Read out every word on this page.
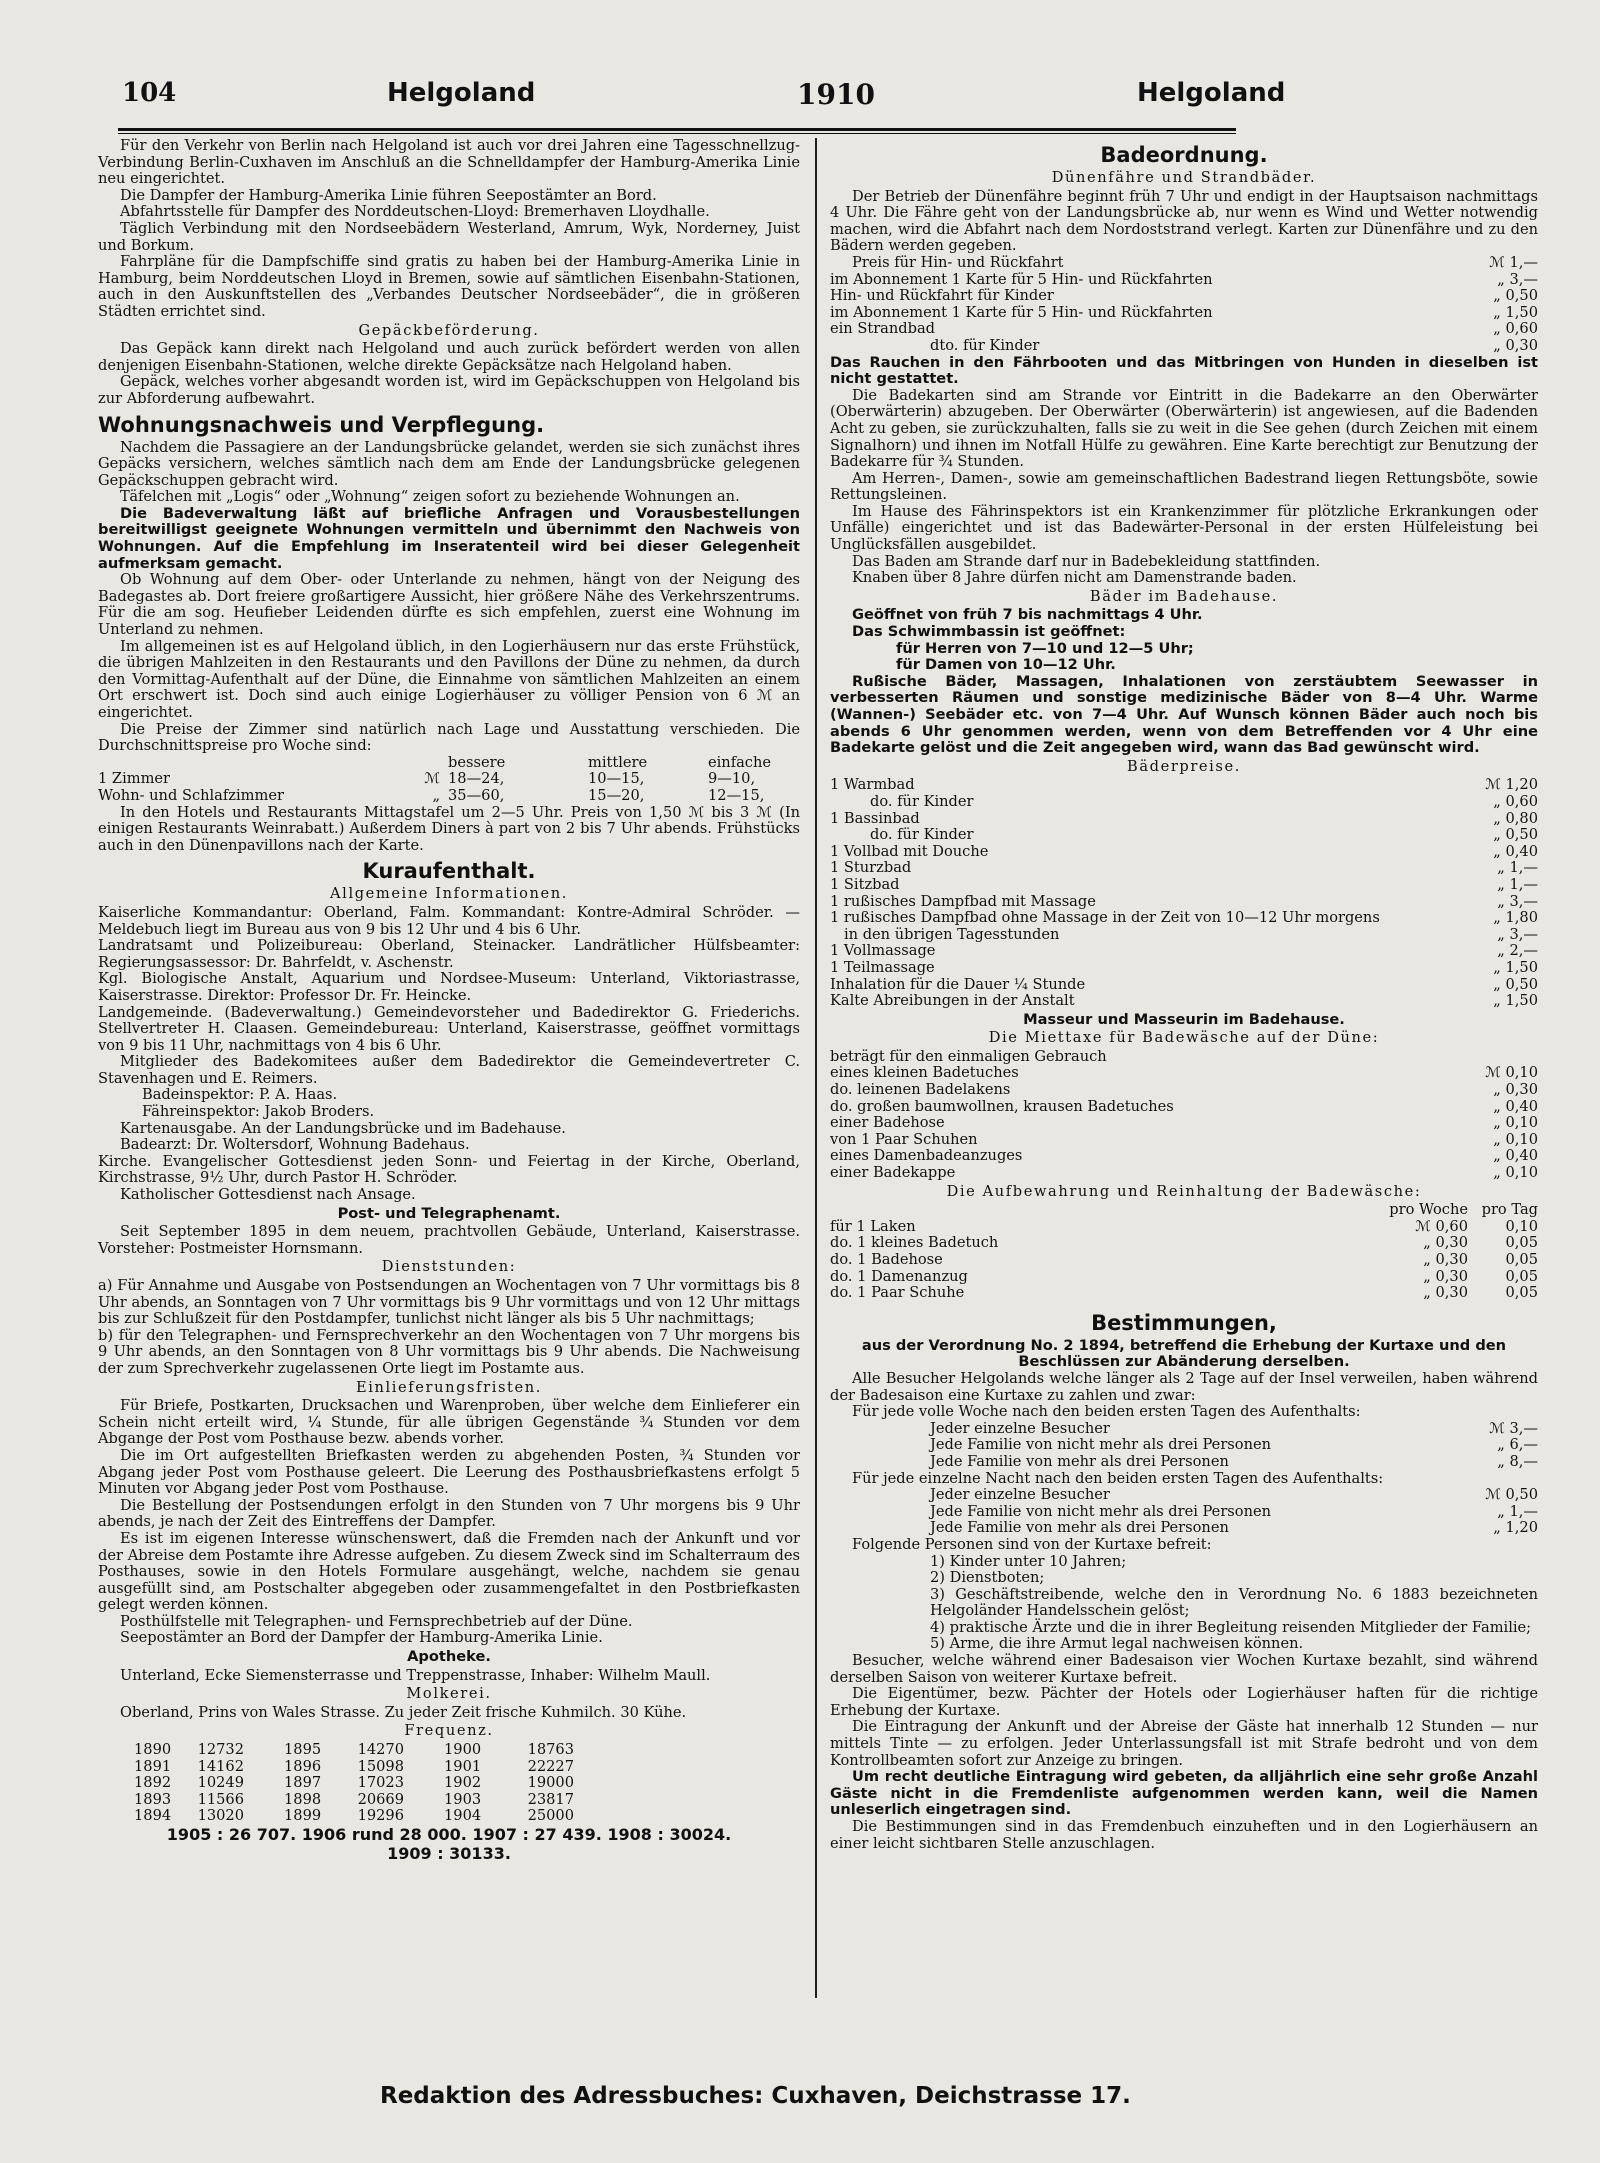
104	Helgoland	1910	Helgoland

Für den Verkehr von Berlin nach Helgoland ist auch vor drei Jahren eine Tagesschnellzug-Verbindung Berlin-Cuxhaven im Anschluß an die Schnelldampfer der Hamburg-Amerika Linie neu eingerichtet.

Die Dampfer der Hamburg-Amerika Linie führen Seepostämter an Bord.

Abfahrtsstelle für Dampfer des Norddeutschen-Lloyd: Bremerhaven Lloydhalle.

Täglich Verbindung mit den Nordseebädern Westerland, Amrum, Wyk, Norderney, Juist und Borkum.

Fahrpläne für die Dampfschiffe sind gratis zu haben bei der Hamburg-Amerika Linie in Hamburg, beim Norddeutschen Lloyd in Bremen, sowie auf sämtlichen Eisenbahn-Stationen, auch in den Auskunftstellen des „Verbandes Deutscher Nordseebäder“, die in größeren Städten errichtet sind.

Gepäckbeförderung.

Das Gepäck kann direkt nach Helgoland und auch zurück befördert werden von allen denjenigen Eisenbahn-Stationen, welche direkte Gepäcksätze nach Helgoland haben.

Gepäck, welches vorher abgesandt worden ist, wird im Gepäckschuppen von Helgoland bis zur Abforderung aufbewahrt.

Wohnungsnachweis und Verpflegung.

Nachdem die Passagiere an der Landungsbrücke gelandet, werden sie sich zunächst ihres Gepäcks versichern, welches sämtlich nach dem am Ende der Landungsbrücke gelegenen Gepäckschuppen gebracht wird.

Täfelchen mit „Logis“ oder „Wohnung“ zeigen sofort zu beziehende Wohnungen an.

Die Badeverwaltung läßt auf briefliche Anfragen und Vorausbestellungen bereitwilligst geeignete Wohnungen vermitteln und übernimmt den Nachweis von Wohnungen. Auf die Empfehlung im Inseratenteil wird bei dieser Gelegenheit aufmerksam gemacht.

Ob Wohnung auf dem Ober- oder Unterlande zu nehmen, hängt von der Neigung des Badegastes ab. Dort freiere großartigere Aussicht, hier größere Nähe des Verkehrszentrums. Für die am sog. Heufieber Leidenden dürfte es sich empfehlen, zuerst eine Wohnung im Unterland zu nehmen.

Im allgemeinen ist es auf Helgoland üblich, in den Logierhäusern nur das erste Frühstück, die übrigen Mahlzeiten in den Restaurants und den Pavillons der Düne zu nehmen, da durch den Vormittag-Aufenthalt auf der Düne, die Einnahme von sämtlichen Mahlzeiten an einem Ort erschwert ist. Doch sind auch einige Logierhäuser zu völliger Pension von 6 ℳ an eingerichtet.

Die Preise der Zimmer sind natürlich nach Lage und Ausstattung verschieden. Die Durchschnittspreise pro Woche sind:

bessere	mittlere	einfache
1 Zimmer	ℳ 18—24,	10—15,	9—10,
Wohn- und Schlafzimmer	„ 35—60,	15—20,	12—15,

In den Hotels und Restaurants Mittagstafel um 2—5 Uhr. Preis von 1,50 ℳ bis 3 ℳ (In einigen Restaurants Weinrabatt.) Außerdem Diners à part von 2 bis 7 Uhr abends. Frühstücks auch in den Dünenpavillons nach der Karte.

Kuraufenthalt.
Allgemeine Informationen.

Kaiserliche Kommandantur: Oberland, Falm. Kommandant: Kontre-Admiral Schröder. — Meldebuch liegt im Bureau aus von 9 bis 12 Uhr und 4 bis 6 Uhr.

Landratsamt und Polizeibureau: Oberland, Steinacker. Landrätlicher Hülfsbeamter: Regierungsassessor: Dr. Bahrfeldt, v. Aschenstr.

Kgl. Biologische Anstalt, Aquarium und Nordsee-Museum: Unterland, Viktoriastrasse, Kaiserstrasse. Direktor: Professor Dr. Fr. Heincke.

Landgemeinde. (Badeverwaltung.) Gemeindevorsteher und Badedirektor G. Friederichs. Stellvertreter H. Claasen. Gemeindebureau: Unterland, Kaiserstrasse, geöffnet vormittags von 9 bis 11 Uhr, nachmittags von 4 bis 6 Uhr.

Mitglieder des Badekomitees außer dem Badedirektor die Gemeindevertreter C. Stavenhagen und E. Reimers.

Badeinspektor: P. A. Haas.

Fähreinspektor: Jakob Broders.

Kartenausgabe. An der Landungsbrücke und im Badehause.

Badearzt: Dr. Woltersdorf, Wohnung Badehaus.

Kirche. Evangelischer Gottesdienst jeden Sonn- und Feiertag in der Kirche, Oberland, Kirchstrasse, 9½ Uhr, durch Pastor H. Schröder.

Katholischer Gottesdienst nach Ansage.

Post- und Telegraphenamt.

Seit September 1895 in dem neuem, prachtvollen Gebäude, Unterland, Kaiserstrasse. Vorsteher: Postmeister Hornsmann.

Dienststunden:

a) Für Annahme und Ausgabe von Postsendungen an Wochentagen von 7 Uhr vormittags bis 8 Uhr abends, an Sonntagen von 7 Uhr vormittags bis 9 Uhr vormittags und von 12 Uhr mittags bis zur Schlußzeit für den Postdampfer, tunlichst nicht länger als bis 5 Uhr nachmittags;

b) für den Telegraphen- und Fernsprechverkehr an den Wochentagen von 7 Uhr morgens bis 9 Uhr abends, an den Sonntagen von 8 Uhr vormittags bis 9 Uhr abends. Die Nachweisung der zum Sprechverkehr zugelassenen Orte liegt im Postamte aus.

Einlieferungsfristen.

Für Briefe, Postkarten, Drucksachen und Warenproben, über welche dem Einlieferer ein Schein nicht erteilt wird, ¼ Stunde, für alle übrigen Gegenstände ¾ Stunden vor dem Abgange der Post vom Posthause bezw. abends vorher.

Die im Ort aufgestellten Briefkasten werden zu abgehenden Posten, ¾ Stunden vor Abgang jeder Post vom Posthause geleert. Die Leerung des Posthausbriefkastens erfolgt 5 Minuten vor Abgang jeder Post vom Posthause.

Die Bestellung der Postsendungen erfolgt in den Stunden von 7 Uhr morgens bis 9 Uhr abends, je nach der Zeit des Eintreffens der Dampfer.

Es ist im eigenen Interesse wünschenswert, daß die Fremden nach der Ankunft und vor der Abreise dem Postamte ihre Adresse aufgeben. Zu diesem Zweck sind im Schalterraum des Posthauses, sowie in den Hotels Formulare ausgehängt, welche, nachdem sie genau ausgefüllt sind, am Postschalter abgegeben oder zusammengefaltet in den Postbriefkasten gelegt werden können.

Posthülfstelle mit Telegraphen- und Fernsprechbetrieb auf der Düne.

Seepostämter an Bord der Dampfer der Hamburg-Amerika Linie.

Apotheke.

Unterland, Ecke Siemensterrasse und Treppenstrasse, Inhaber: Wilhelm Maull.

Molkerei.

Oberland, Prins von Wales Strasse. Zu jeder Zeit frische Kuhmilch. 30 Kühe.

Frequenz.
1890	12732	1895	14270	1900	18763
1891	14162	1896	15098	1901	22227
1892	10249	1897	17023	1902	19000
1893	11566	1898	20669	1903	23817
1894	13020	1899	19296	1904	25000
1905 : 26 707. 1906 rund 28 000. 1907 : 27 439. 1908 : 30024.
1909 : 30133.
Badeordnung.
Dünenfähre und Strandbäder.

Der Betrieb der Dünenfähre beginnt früh 7 Uhr und endigt in der Hauptsaison nachmittags 4 Uhr. Die Fähre geht von der Landungsbrücke ab, nur wenn es Wind und Wetter notwendig machen, wird die Abfahrt nach dem Nordoststrand verlegt. Karten zur Dünenfähre und zu den Bädern werden gegeben.

Preis für Hin- und Rückfahrt	ℳ 1,—
im Abonnement 1 Karte für 5 Hin- und Rückfahrten	„ 3,—
Hin- und Rückfahrt für Kinder	„ 0,50
im Abonnement 1 Karte für 5 Hin- und Rückfahrten	„ 1,50
ein Strandbad	„ 0,60
dto. für Kinder	„ 0,30

Das Rauchen in den Fährbooten und das Mitbringen von Hunden in dieselben ist nicht gestattet.

Die Badekarten sind am Strande vor Eintritt in die Badekarre an den Oberwärter (Oberwärterin) abzugeben. Der Oberwärter (Oberwärterin) ist angewiesen, auf die Badenden Acht zu geben, sie zurückzuhalten, falls sie zu weit in die See gehen (durch Zeichen mit einem Signalhorn) und ihnen im Notfall Hülfe zu gewähren. Eine Karte berechtigt zur Benutzung der Badekarre für ¾ Stunden.

Am Herren-, Damen-, sowie am gemeinschaftlichen Badestrand liegen Rettungsböte, sowie Rettungsleinen.

Im Hause des Fährinspektors ist ein Krankenzimmer für plötzliche Erkrankungen oder Unfälle) eingerichtet und ist das Badewärter-Personal in der ersten Hülfeleistung bei Unglücksfällen ausgebildet.

Das Baden am Strande darf nur in Badebekleidung stattfinden.

Knaben über 8 Jahre dürfen nicht am Damenstrande baden.

Bäder im Badehause.

Geöffnet von früh 7 bis nachmittags 4 Uhr.

Das Schwimmbassin ist geöffnet:

für Herren von 7—10 und 12—5 Uhr;

für Damen von 10—12 Uhr.

Rußische Bäder, Massagen, Inhalationen von zerstäubtem Seewasser in verbesserten Räumen und sonstige medizinische Bäder von 8—4 Uhr. Warme (Wannen-) Seebäder etc. von 7—4 Uhr. Auf Wunsch können Bäder auch noch bis abends 6 Uhr genommen werden, wenn von dem Betreffenden vor 4 Uhr eine Badekarte gelöst und die Zeit angegeben wird, wann das Bad gewünscht wird.

Bäderpreise.
1 Warmbad	ℳ 1,20
do. für Kinder	„ 0,60
1 Bassinbad	„ 0,80
do. für Kinder	„ 0,50
1 Vollbad mit Douche	„ 0,40
1 Sturzbad	„ 1,—
1 Sitzbad	„ 1,—
1 rußisches Dampfbad mit Massage	„ 3,—
1 rußisches Dampfbad ohne Massage in der Zeit von 10—12 Uhr morgens	„ 1,80
in den übrigen Tagesstunden	„ 3,—
1 Vollmassage	„ 2,—
1 Teilmassage	„ 1,50
Inhalation für die Dauer ¼ Stunde	„ 0,50
Kalte Abreibungen in der Anstalt	„ 1,50
Masseur und Masseurin im Badehause.
Die Miettaxe für Badewäsche auf der Düne:

beträgt für den einmaligen Gebrauch

eines kleinen Badetuches	ℳ 0,10
do. leinenen Badelakens	„ 0,30
do. großen baumwollnen, krausen Badetuches	„ 0,40
einer Badehose	„ 0,10
von 1 Paar Schuhen	„ 0,10
eines Damenbadeanzuges	„ 0,40
einer Badekappe	„ 0,10
Die Aufbewahrung und Reinhaltung der Badewäsche:
pro Woche pro Tag
für 1 Laken	ℳ 0,60	0,10
do. 1 kleines Badetuch	„ 0,30	0,05
do. 1 Badehose	„ 0,30	0,05
do. 1 Damenanzug	„ 0,30	0,05
do. 1 Paar Schuhe	„ 0,30	0,05
Bestimmungen,

aus der Verordnung No. 2 1894, betreffend die Erhebung der Kurtaxe und den Beschlüssen zur Abänderung derselben.

Alle Besucher Helgolands welche länger als 2 Tage auf der Insel verweilen, haben während der Badesaison eine Kurtaxe zu zahlen und zwar:

Für jede volle Woche nach den beiden ersten Tagen des Aufenthalts:

Jeder einzelne Besucher	ℳ 3,—
Jede Familie von nicht mehr als drei Personen	„ 6,—
Jede Familie von mehr als drei Personen	„ 8,—

Für jede einzelne Nacht nach den beiden ersten Tagen des Aufenthalts:

Jeder einzelne Besucher	ℳ 0,50
Jede Familie von nicht mehr als drei Personen	„ 1,—
Jede Familie von mehr als drei Personen	„ 1,20

Folgende Personen sind von der Kurtaxe befreit:

1) Kinder unter 10 Jahren;

2) Dienstboten;

3) Geschäftstreibende, welche den in Verordnung No. 6 1883 bezeichneten Helgoländer Handelsschein gelöst;

4) praktische Ärzte und die in ihrer Begleitung reisenden Mitglieder der Familie;

5) Arme, die ihre Armut legal nachweisen können.

Besucher, welche während einer Badesaison vier Wochen Kurtaxe bezahlt, sind während derselben Saison von weiterer Kurtaxe befreit.

Die Eigentümer, bezw. Pächter der Hotels oder Logierhäuser haften für die richtige Erhebung der Kurtaxe.

Die Eintragung der Ankunft und der Abreise der Gäste hat innerhalb 12 Stunden — nur mittels Tinte — zu erfolgen. Jeder Unterlassungsfall ist mit Strafe bedroht und von dem Kontrollbeamten sofort zur Anzeige zu bringen.

Um recht deutliche Eintragung wird gebeten, da alljährlich eine sehr große Anzahl Gäste nicht in die Fremdenliste aufgenommen werden kann, weil die Namen unleserlich eingetragen sind.

Die Bestimmungen sind in das Fremdenbuch einzuheften und in den Logierhäusern an einer leicht sichtbaren Stelle anzuschlagen.

Redaktion des Adressbuches: Cuxhaven, Deichstrasse 17.
